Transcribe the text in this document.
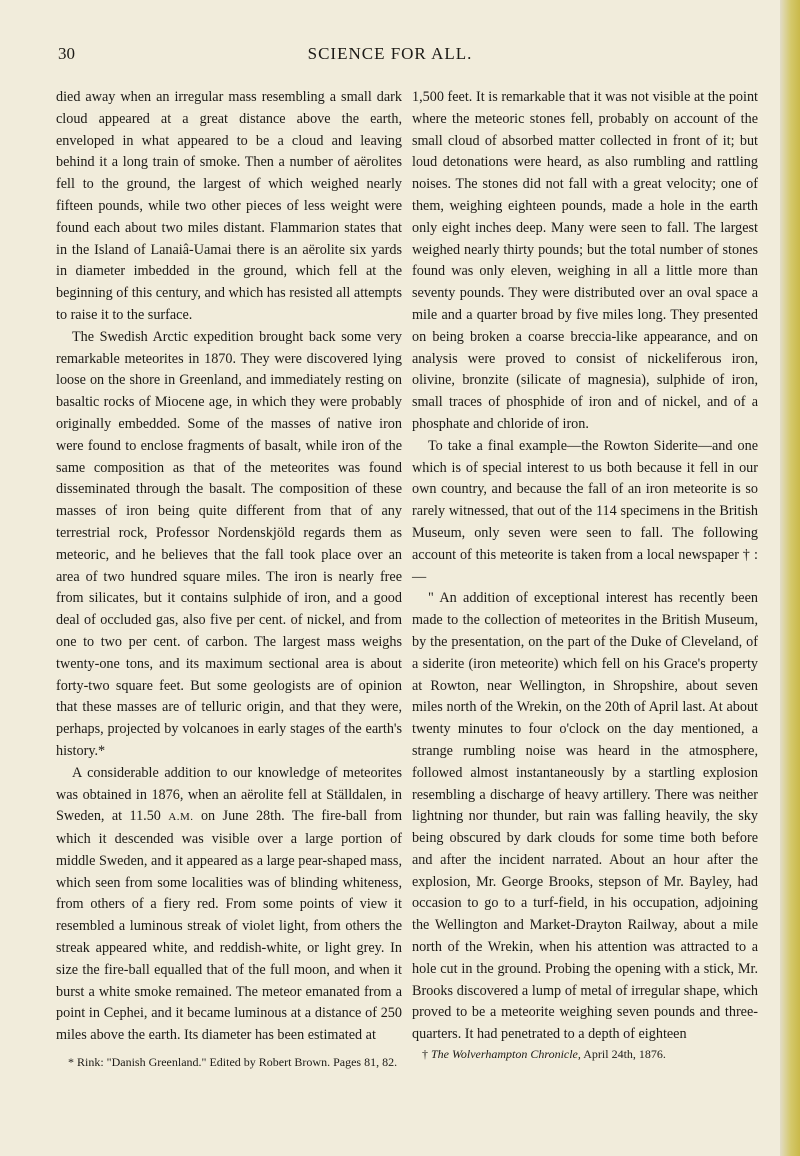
30	SCIENCE FOR ALL.

died away when an irregular mass resembling a small dark cloud appeared at a great distance above the earth, enveloped in what appeared to be a cloud and leaving behind it a long train of smoke. Then a number of aërolites fell to the ground, the largest of which weighed nearly fifteen pounds, while two other pieces of less weight were found each about two miles distant. Flammarion states that in the Island of Lanaiâ-Uamai there is an aërolite six yards in diameter imbedded in the ground, which fell at the beginning of this century, and which has resisted all attempts to raise it to the surface.

The Swedish Arctic expedition brought back some very remarkable meteorites in 1870. They were discovered lying loose on the shore in Greenland, and immediately resting on basaltic rocks of Miocene age, in which they were probably originally embedded. Some of the masses of native iron were found to enclose fragments of basalt, while iron of the same composition as that of the meteorites was found disseminated through the basalt. The composition of these masses of iron being quite different from that of any terrestrial rock, Professor Nordenskjöld regards them as meteoric, and he believes that the fall took place over an area of two hundred square miles. The iron is nearly free from silicates, but it contains sulphide of iron, and a good deal of occluded gas, also five per cent. of nickel, and from one to two per cent. of carbon. The largest mass weighs twenty-one tons, and its maximum sectional area is about forty-two square feet. But some geologists are of opinion that these masses are of telluric origin, and that they were, perhaps, projected by volcanoes in early stages of the earth's history.*

A considerable addition to our knowledge of meteorites was obtained in 1876, when an aërolite fell at Ställdalen, in Sweden, at 11.50 A.M. on June 28th. The fire-ball from which it descended was visible over a large portion of middle Sweden, and it appeared as a large pear-shaped mass, which seen from some localities was of blinding whiteness, from others of a fiery red. From some points of view it resembled a luminous streak of violet light, from others the streak appeared white, and reddish-white, or light grey. In size the fire-ball equalled that of the full moon, and when it burst a white smoke remained. The meteor emanated from a point in Cephei, and it became luminous at a distance of 250 miles above the earth. Its diameter has been estimated at

* Rink: "Danish Greenland." Edited by Robert Brown. Pages 81, 82.

1,500 feet. It is remarkable that it was not visible at the point where the meteoric stones fell, probably on account of the small cloud of absorbed matter collected in front of it; but loud detonations were heard, as also rumbling and rattling noises. The stones did not fall with a great velocity; one of them, weighing eighteen pounds, made a hole in the earth only eight inches deep. Many were seen to fall. The largest weighed nearly thirty pounds; but the total number of stones found was only eleven, weighing in all a little more than seventy pounds. They were distributed over an oval space a mile and a quarter broad by five miles long. They presented on being broken a coarse breccia-like appearance, and on analysis were proved to consist of nickeliferous iron, olivine, bronzite (silicate of magnesia), sulphide of iron, small traces of phosphide of iron and of nickel, and of a phosphate and chloride of iron.

To take a final example—the Rowton Siderite—and one which is of special interest to us both because it fell in our own country, and because the fall of an iron meteorite is so rarely witnessed, that out of the 114 specimens in the British Museum, only seven were seen to fall. The following account of this meteorite is taken from a local newspaper † :—

" An addition of exceptional interest has recently been made to the collection of meteorites in the British Museum, by the presentation, on the part of the Duke of Cleveland, of a siderite (iron meteorite) which fell on his Grace's property at Rowton, near Wellington, in Shropshire, about seven miles north of the Wrekin, on the 20th of April last. At about twenty minutes to four o'clock on the day mentioned, a strange rumbling noise was heard in the atmosphere, followed almost instantaneously by a startling explosion resembling a discharge of heavy artillery. There was neither lightning nor thunder, but rain was falling heavily, the sky being obscured by dark clouds for some time both before and after the incident narrated. About an hour after the explosion, Mr. George Brooks, stepson of Mr. Bayley, had occasion to go to a turf-field, in his occupation, adjoining the Wellington and Market-Drayton Railway, about a mile north of the Wrekin, when his attention was attracted to a hole cut in the ground. Probing the opening with a stick, Mr. Brooks discovered a lump of metal of irregular shape, which proved to be a meteorite weighing seven pounds and three-quarters. It had penetrated to a depth of eighteen

† The Wolverhampton Chronicle, April 24th, 1876.
